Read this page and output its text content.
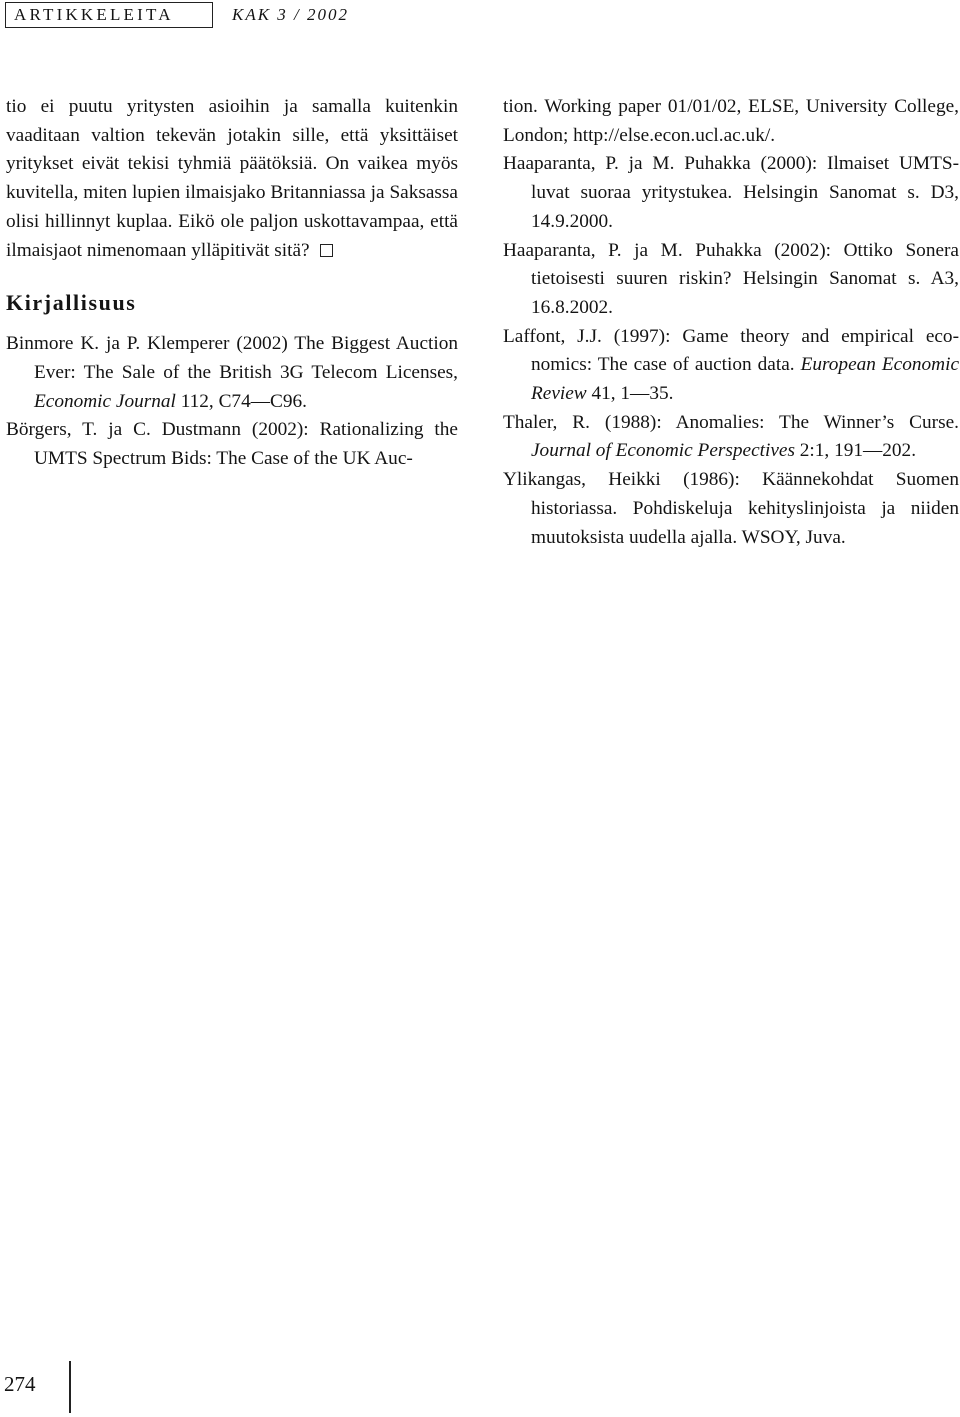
ARTIKKELEITA	KAK 3 / 2002

tio ei puutu yritysten asioihin ja samalla kuitenkin vaaditaan valtion tekevän jotakin sille, että yksittäiset yritykset eivät tekisi tyhmiä päätöksiä. On vaikea myös kuvitella, miten lupien ilmaisjako Britanniassa ja Saksassa olisi hillinnyt kuplaa. Eikö ole paljon uskottavampaa, että ilmaisjaot nimenomaan ylläpitivät sitä?

Kirjallisuus

Binmore K. ja P. Klemperer (2002) The Biggest Auction Ever: The Sale of the British 3G Telecom Licenses, Economic Journal 112, C74—C96.

Börgers, T. ja C. Dustmann (2002): Rationalizing the UMTS Spectrum Bids: The Case of the UK Auc-

tion. Working paper 01/01/02, ELSE, University College, London; http://else.econ.ucl.ac.uk/.

Haaparanta, P. ja M. Puhakka (2000): Ilmaiset UMTS-luvat suoraa yritystukea. Helsingin Sanomat s. D3, 14.9.2000.

Haaparanta, P. ja M. Puhakka (2002): Ottiko Sonera tietoisesti suuren riskin? Helsingin Sanomat s. A3, 16.8.2002.

Laffont, J.J. (1997): Game theory and empirical economics: The case of auction data. European Economic Review 41, 1—35.

Thaler, R. (1988): Anomalies: The Winner’s Curse. Journal of Economic Perspectives 2:1, 191—202.

Ylikangas, Heikki (1986): Käännekohdat Suomen historiassa. Pohdiskeluja kehityslinjoista ja niiden muutoksista uudella ajalla. WSOY, Juva.

274
